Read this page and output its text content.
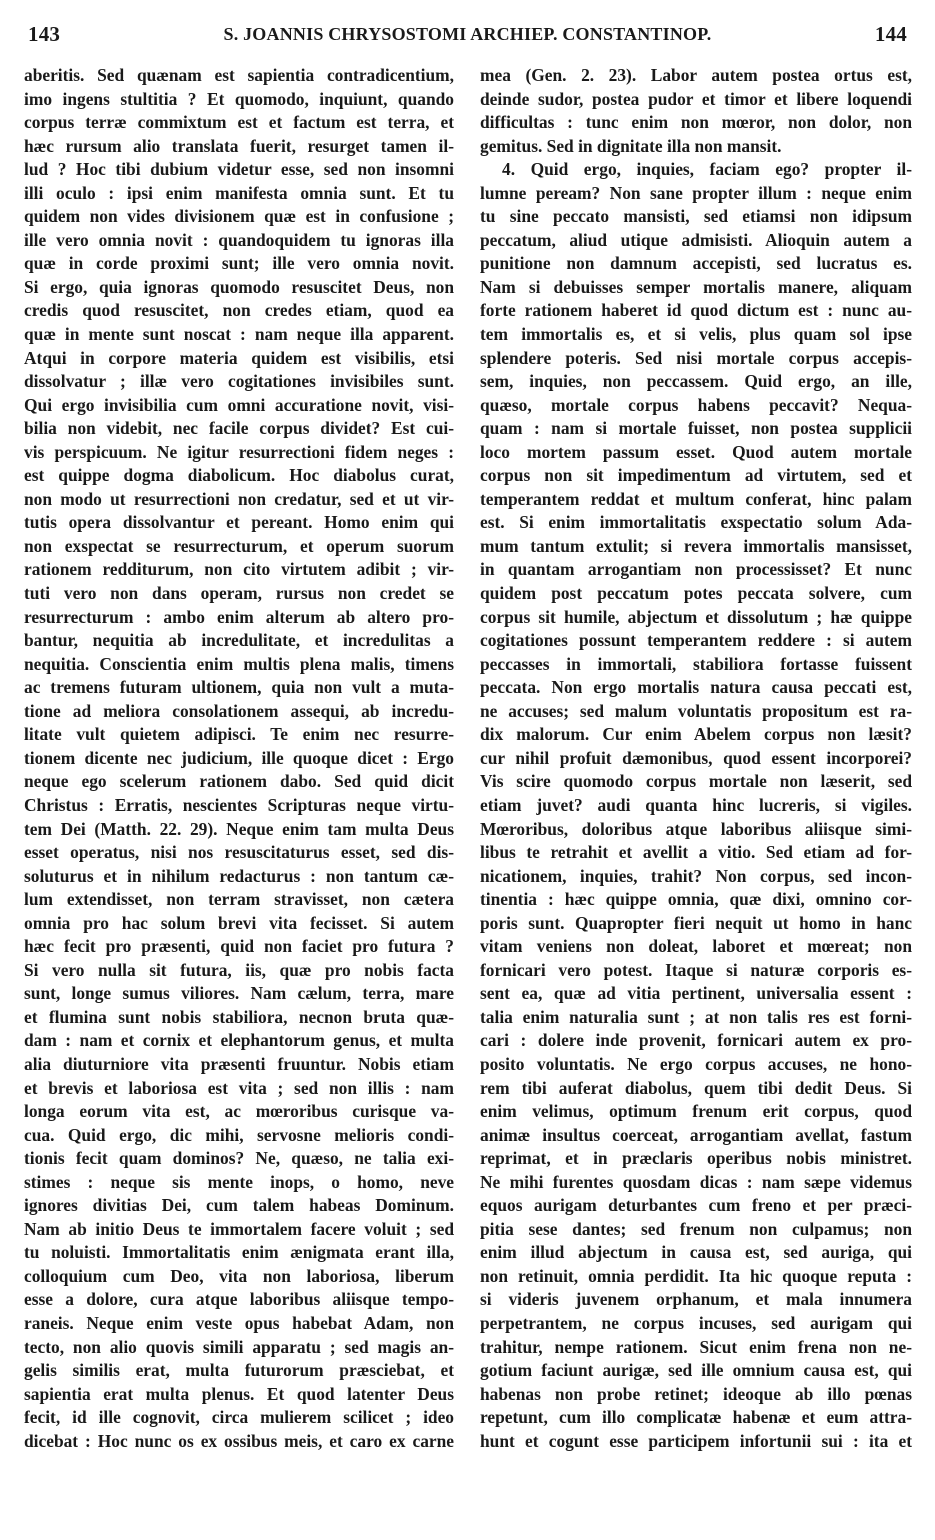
143	S. JOANNIS CHRYSOSTOMI ARCHIEP. CONSTANTINOP.	144
aberitis. Sed quænam est sapientia contradicentium,
imo ingens stultitia ? Et quomodo, inquiunt, quando
corpus terræ commixtum est et factum est terra, et
hæc rursum alio translata fuerit, resurget tamen il-
lud ? Hoc tibi dubium videtur esse, sed non insomni
illi oculo : ipsi enim manifesta omnia sunt. Et tu
quidem non vides divisionem quæ est in confusione ;
ille vero omnia novit : quandoquidem tu ignoras illa
quæ in corde proximi sunt; ille vero omnia novit.
Si ergo, quia ignoras quomodo resuscitet Deus, non
credis quod resuscitet, non credes etiam, quod ea
quæ in mente sunt noscat : nam neque illa apparent.
Atqui in corpore materia quidem est visibilis, etsi
dissolvatur ; illæ vero cogitationes invisibiles sunt.
Qui ergo invisibilia cum omni accuratione novit, visi-
bilia non videbit, nec facile corpus dividet? Est cui-
vis perspicuum. Ne igitur resurrectioni fidem neges :
est quippe dogma diabolicum. Hoc diabolus curat,
non modo ut resurrectioni non credatur, sed et ut vir-
tutis opera dissolvantur et pereant. Homo enim qui
non exspectat se resurrecturum, et operum suorum
rationem redditurum, non cito virtutem adibit ; vir-
tuti vero non dans operam, rursus non credet se
resurrecturum : ambo enim alterum ab altero pro-
bantur, nequitia ab incredulitate, et incredulitas a
nequitia. Conscientia enim multis plena malis, timens
ac tremens futuram ultionem, quia non vult a muta-
tione ad meliora consolationem assequi, ab incredu-
litate vult quietem adipisci. Te enim nec resurre-
tionem dicente nec judicium, ille quoque dicet : Ergo
neque ego scelerum rationem dabo. Sed quid dicit
Christus : Erratis, nescientes Scripturas neque virtu-
tem Dei (Matth. 22. 29). Neque enim tam multa Deus
esset operatus, nisi nos resuscitaturus esset, sed dis-
soluturus et in nihilum redacturus : non tantum cæ-
lum extendisset, non terram stravisset, non cætera
omnia pro hac solum brevi vita fecisset. Si autem
hæc fecit pro præsenti, quid non faciet pro futura ?
Si vero nulla sit futura, iis, quæ pro nobis facta
sunt, longe sumus viliores. Nam cælum, terra, mare
et flumina sunt nobis stabiliora, necnon bruta quæ-
dam : nam et cornix et elephantorum genus, et multa
alia diuturniore vita præsenti fruuntur. Nobis etiam
et brevis et laboriosa est vita ; sed non illis : nam
longa eorum vita est, ac mœroribus curisque va-
cua. Quid ergo, dic mihi, servosne melioris condi-
tionis fecit quam dominos? Ne, quæso, ne talia exi-
stimes : neque sis mente inops, o homo, neve
ignores divitias Dei, cum talem habeas Dominum.
Nam ab initio Deus te immortalem facere voluit ; sed
tu noluisti. Immortalitatis enim ænigmata erant illa,
colloquium cum Deo, vita non laboriosa, liberum
esse a dolore, cura atque laboribus aliisque tempo-
raneis. Neque enim veste opus habebat Adam, non
tecto, non alio quovis simili apparatu ; sed magis an-
gelis similis erat, multa futurorum præsciebat, et
sapientia erat multa plenus. Et quod latenter Deus
fecit, id ille cognovit, circa mulierem scilicet ; ideo
dicebat : Hoc nunc os ex ossibus meis, et caro ex carne
mea (Gen. 2. 23). Labor autem postea ortus est,
deinde sudor, postea pudor et timor et libere loquendi
difficultas : tunc enim non mœror, non dolor, non
gemitus. Sed in dignitate illa non mansit.
4. Quid ergo, inquies, faciam ego? propter il-
lumne peream? Non sane propter illum : neque enim
tu sine peccato mansisti, sed etiamsi non idipsum
peccatum, aliud utique admisisti. Alioquin autem a
punitione non damnum accepisti, sed lucratus es.
Nam si debuisses semper mortalis manere, aliquam
forte rationem haberet id quod dictum est : nunc au-
tem immortalis es, et si velis, plus quam sol ipse
splendere poteris. Sed nisi mortale corpus accepis-
sem, inquies, non peccassem. Quid ergo, an ille,
quæso, mortale corpus habens peccavit? Nequa-
quam : nam si mortale fuisset, non postea supplicii
loco mortem passum esset. Quod autem mortale
corpus non sit impedimentum ad virtutem, sed et
temperantem reddat et multum conferat, hinc palam
est. Si enim immortalitatis exspectatio solum Ada-
mum tantum extulit; si revera immortalis mansisset,
in quantam arrogantiam non processisset? Et nunc
quidem post peccatum potes peccata solvere, cum
corpus sit humile, abjectum et dissolutum ; hæ quippe
cogitationes possunt temperantem reddere : si autem
peccasses in immortali, stabiliora fortasse fuissent
peccata. Non ergo mortalis natura causa peccati est,
ne accuses; sed malum voluntatis propositum est ra-
dix malorum. Cur enim Abelem corpus non læsit?
cur nihil profuit dæmonibus, quod essent incorporei?
Vis scire quomodo corpus mortale non læserit, sed
etiam juvet? audi quanta hinc lucreris, si vigiles.
Mœroribus, doloribus atque laboribus aliisque simi-
libus te retrahit et avellit a vitio. Sed etiam ad for-
nicationem, inquies, trahit? Non corpus, sed incon-
tinentia : hæc quippe omnia, quæ dixi, omnino cor-
poris sunt. Quapropter fieri nequit ut homo in hanc
vitam veniens non doleat, laboret et mœreat; non
fornicari vero potest. Itaque si naturæ corporis es-
sent ea, quæ ad vitia pertinent, universalia essent :
talia enim naturalia sunt ; at non talis res est forni-
cari : dolere inde provenit, fornicari autem ex pro-
posito voluntatis. Ne ergo corpus accuses, ne hono-
rem tibi auferat diabolus, quem tibi dedit Deus. Si
enim velimus, optimum frenum erit corpus, quod
animæ insultus coerceat, arrogantiam avellat, fastum
reprimat, et in præclaris operibus nobis ministret.
Ne mihi furentes quosdam dicas : nam sæpe videmus
equos aurigam deturbantes cum freno et per præci-
pitia sese dantes; sed frenum non culpamus; non
enim illud abjectum in causa est, sed auriga, qui
non retinuit, omnia perdidit. Ita hic quoque reputa :
si videris juvenem orphanum, et mala innumera
perpetrantem, ne corpus incuses, sed aurigam qui
trahitur, nempe rationem. Sicut enim frena non ne-
gotium faciunt aurigæ, sed ille omnium causa est, qui
habenas non probe retinet; ideoque ab illo pœnas
repetunt, cum illo complicatæ habenæ et eum attra-
hunt et cogunt esse participem infortunii sui : ita et
